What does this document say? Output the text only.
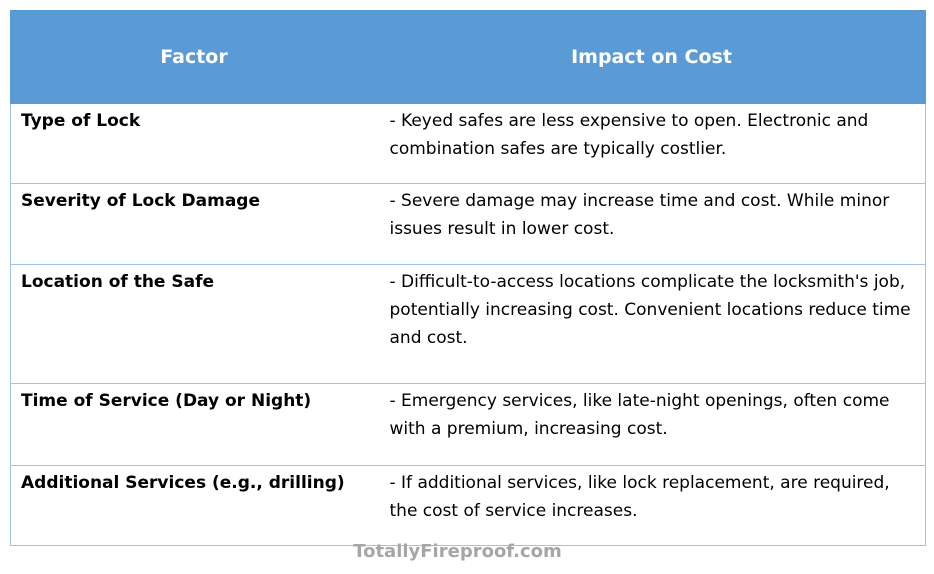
Factor	Impact on Cost
Type of Lock	- Keyed safes are less expensive to open. Electronic and combination safes are typically costlier.
Severity of Lock Damage	- Severe damage may increase time and cost. While minor issues result in lower cost.
Location of the Safe	- Difficult-to-access locations complicate the locksmith's job, potentially increasing cost. Convenient locations reduce time and cost.
Time of Service (Day or Night)	- Emergency services, like late-night openings, often come with a premium, increasing cost.
Additional Services (e.g., drilling)	- If additional services, like lock replacement, are required, the cost of service increases.
TotallyFireproof.com
